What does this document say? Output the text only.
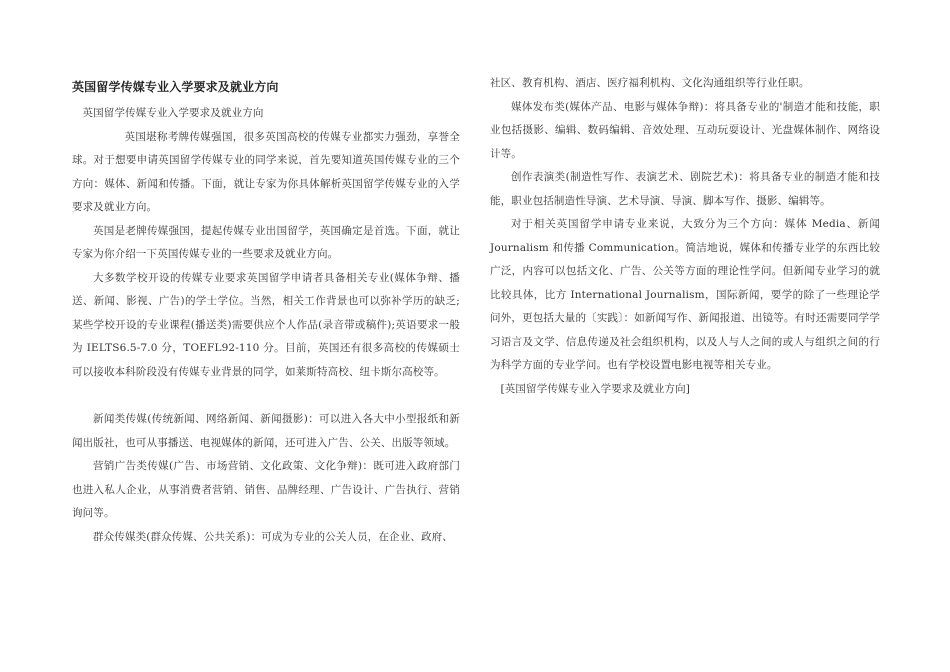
英国留学传媒专业入学要求及就业方向

英国留学传媒专业入学要求及就业方向

英国堪称考牌传媒强国，很多英国高校的传媒专业都实力强劲，享誉全球。对于想要申请英国留学传媒专业的同学来说，首先要知道英国传媒专业的三个方向：媒体、新闻和传播。下面，就让专家为你具体解析英国留学传媒专业的入学要求及就业方向。

英国是老牌传媒强国，提起传媒专业出国留学，英国确定是首选。下面，就让专家为你介绍一下英国传媒专业的一些要求及就业方向。

大多数学校开设的传媒专业要求英国留学申请者具备相关专业(媒体争辩、播送、新闻、影视、广告)的学士学位。当然，相关工作背景也可以弥补学历的缺乏;某些学校开设的专业课程(播送类)需要供应个人作品(录音带或稿件);英语要求一般为 IELTS6.5-7.0 分，TOEFL92-110 分。目前，英国还有很多高校的传媒硕士可以接收本科阶段没有传媒专业背景的同学，如莱斯特高校、纽卡斯尔高校等。

新闻类传媒(传统新闻、网络新闻、新闻摄影)：可以进入各大中小型报纸和新闻出版社，也可从事播送、电视媒体的新闻，还可进入广告、公关、出版等领域。

营销广告类传媒(广告、市场营销、文化政策、文化争辩)：既可进入政府部门也进入私人企业，从事消费者营销、销售、品牌经理、广告设计、广告执行、营销询问等。

群众传媒类(群众传媒、公共关系)：可成为专业的公关人员，在企业、政府、

社区、教育机构、酒店、医疗福利机构、文化沟通组织等行业任职。

媒体发布类(媒体产品、电影与媒体争辩)：将具备专业的'制造才能和技能，职业包括摄影、编辑、数码编辑、音效处理、互动玩耍设计、光盘媒体制作、网络设计等。

创作表演类(制造性写作、表演艺术、剧院艺术)：将具备专业的制造才能和技能，职业包括制造性导演、艺术导演、导演、脚本写作、摄影、编辑等。

对于相关英国留学申请专业来说，大致分为三个方向：媒体 Media、新闻 Journalism 和传播 Communication。简洁地说，媒体和传播专业学的东西比较广泛，内容可以包括文化、广告、公关等方面的理论性学问。但新闻专业学习的就比较具体，比方 International Journalism，国际新闻，要学的除了一些理论学问外，更包括大量的〔实践〕：如新闻写作、新闻报道、出镜等。有时还需要同学学习语言及文学、信息传递及社会组织机构，以及人与人之间的或人与组织之间的行为科学方面的专业学问。也有学校设置电影电视等相关专业。

[英国留学传媒专业入学要求及就业方向]
